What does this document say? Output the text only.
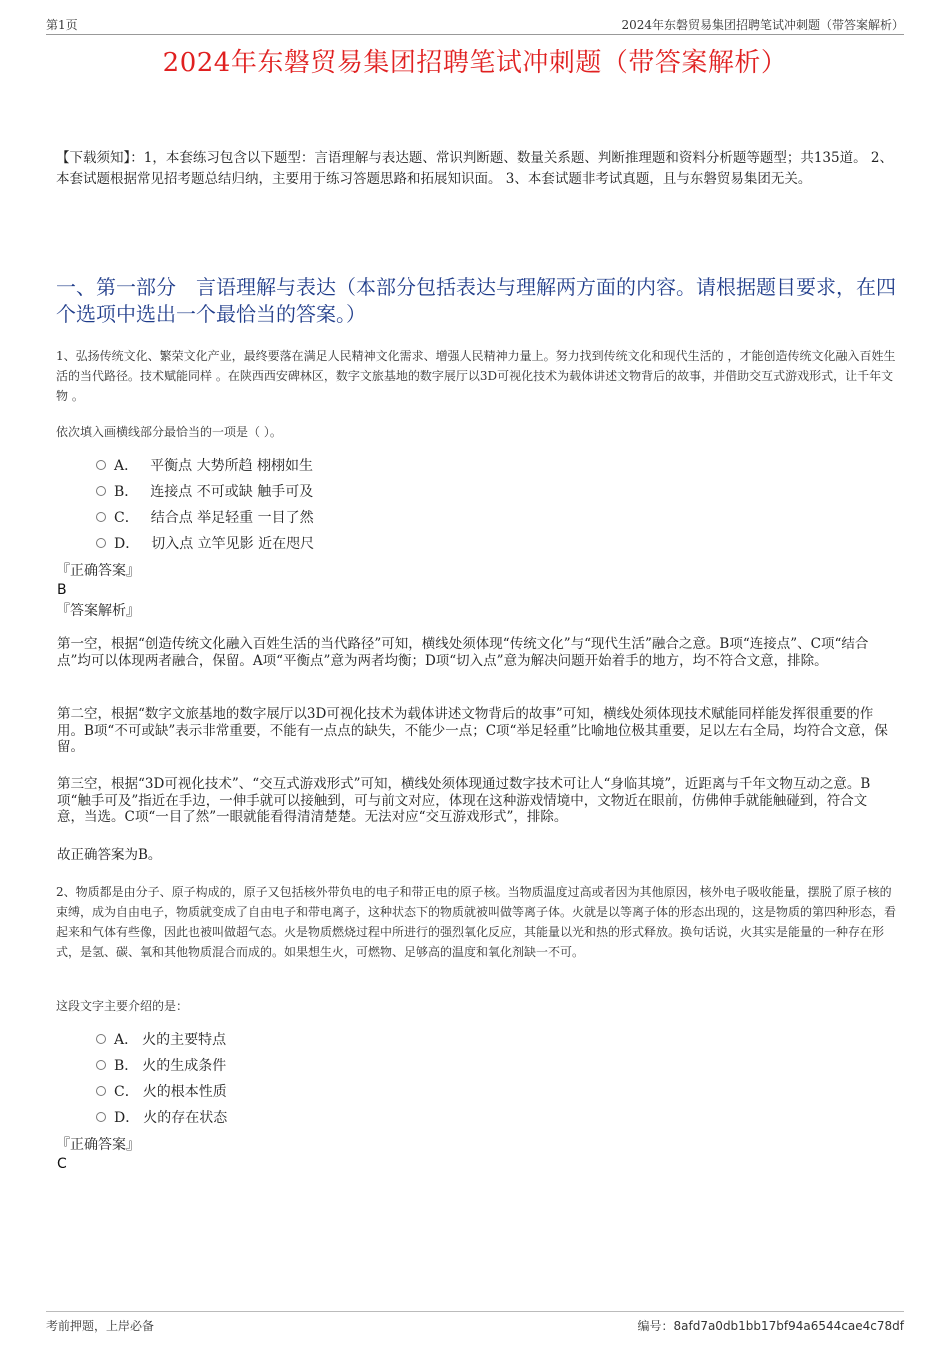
第1页	2024年东磐贸易集团招聘笔试冲刺题（带答案解析）
2024年东磐贸易集团招聘笔试冲刺题（带答案解析）
【下载须知】：1，本套练习包含以下题型：言语理解与表达题、常识判断题、数量关系题、判断推理题和资料分析题等题型；共135道。 2、本套试题根据常见招考题总结归纳，主要用于练习答题思路和拓展知识面。 3、本套试题非考试真题，且与东磐贸易集团无关。
一、第一部分　言语理解与表达（本部分包括表达与理解两方面的内容。请根据题目要求，在四个选项中选出一个最恰当的答案。）
1、弘扬传统文化、繁荣文化产业，最终要落在满足人民精神文化需求、增强人民精神力量上。努力找到传统文化和现代生活的 ，才能创造传统文化融入百姓生活的当代路径。技术赋能同样 。在陕西西安碑林区，数字文旅基地的数字展厅以3D可视化技术为载体讲述文物背后的故事，并借助交互式游戏形式，让千年文物 。
依次填入画横线部分最恰当的一项是（ ）。
A． 平衡点 大势所趋 栩栩如生
B． 连接点 不可或缺 触手可及
C． 结合点 举足轻重 一目了然
D． 切入点 立竿见影 近在咫尺
『正确答案』
B
『答案解析』
第一空，根据“创造传统文化融入百姓生活的当代路径”可知，横线处须体现“传统文化”与“现代生活”融合之意。B项“连接点”、C项“结合点”均可以体现两者融合，保留。A项“平衡点”意为两者均衡；D项“切入点”意为解决问题开始着手的地方，均不符合文意，排除。
第二空，根据“数字文旅基地的数字展厅以3D可视化技术为载体讲述文物背后的故事”可知，横线处须体现技术赋能同样能发挥很重要的作用。B项“不可或缺”表示非常重要，不能有一点点的缺失，不能少一点；C项“举足轻重”比喻地位极其重要，足以左右全局，均符合文意，保留。
第三空，根据“3D可视化技术”、“交互式游戏形式”可知，横线处须体现通过数字技术可让人“身临其境”，近距离与千年文物互动之意。B项“触手可及”指近在手边，一伸手就可以接触到，可与前文对应，体现在这种游戏情境中，文物近在眼前，仿佛伸手就能触碰到，符合文意，当选。C项“一目了然”一眼就能看得清清楚楚。无法对应“交互游戏形式”，排除。
故正确答案为B。
2、物质都是由分子、原子构成的，原子又包括核外带负电的电子和带正电的原子核。当物质温度过高或者因为其他原因，核外电子吸收能量，摆脱了原子核的束缚，成为自由电子，物质就变成了自由电子和带电离子，这种状态下的物质就被叫做等离子体。火就是以等离子体的形态出现的，这是物质的第四种形态，看起来和气体有些像，因此也被叫做超气态。火是物质燃烧过程中所进行的强烈氧化反应，其能量以光和热的形式释放。换句话说，火其实是能量的一种存在形式，是氢、碳、氧和其他物质混合而成的。如果想生火，可燃物、足够高的温度和氧化剂缺一不可。
这段文字主要介绍的是：
A． 火的主要特点
B． 火的生成条件
C． 火的根本性质
D． 火的存在状态
『正确答案』
C
考前押题，上岸必备	编号：8afd7a0db1bb17bf94a6544cae4c78df
